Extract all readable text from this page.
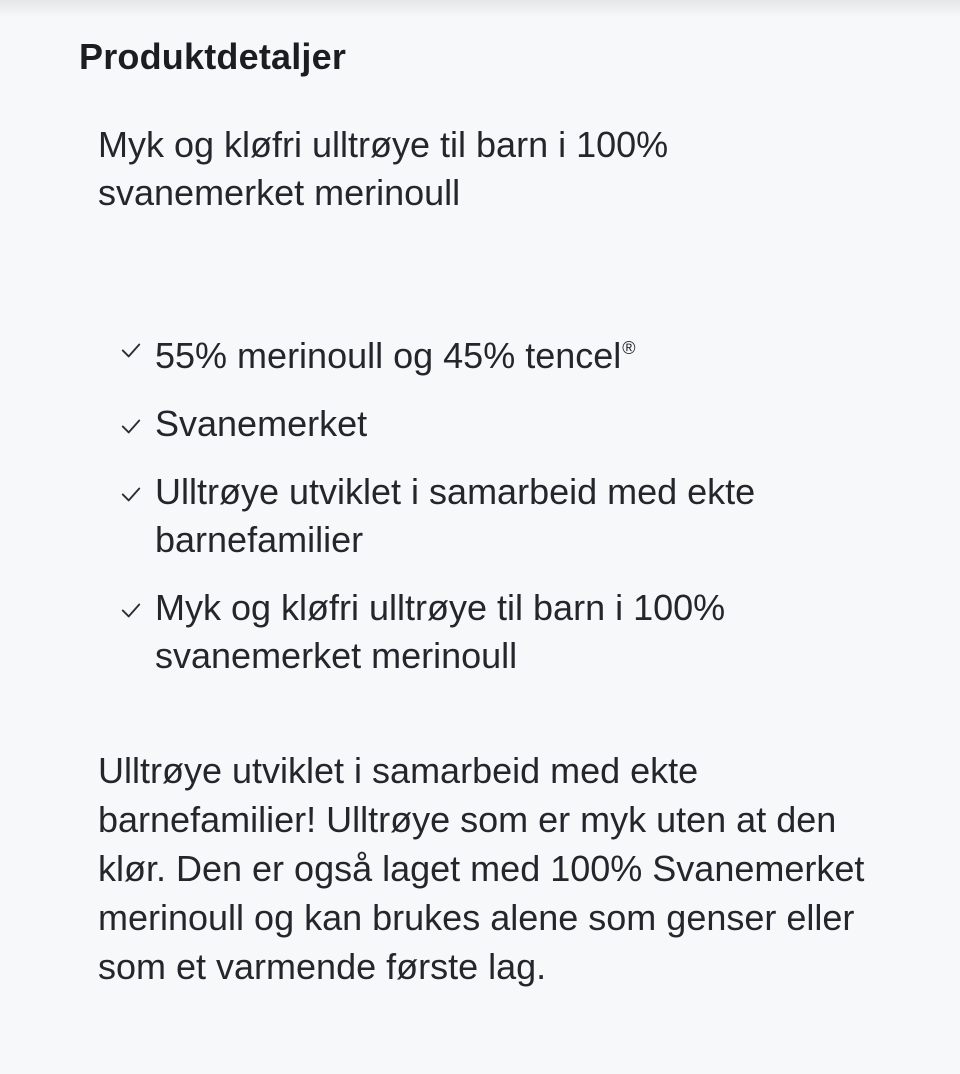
Produktdetaljer

Myk og kløfri ulltrøye til barn i 100% svanemerket merinoull

55% merinoull og 45% tencel®
Svanemerket
Ulltrøye utviklet i samarbeid med ekte barnefamilier
Myk og kløfri ulltrøye til barn i 100% svanemerket merinoull

Ulltrøye utviklet i samarbeid med ekte barnefamilier! Ulltrøye som er myk uten at den klør. Den er også laget med 100% Svanemerket merinoull og kan brukes alene som genser eller som et varmende første lag.
